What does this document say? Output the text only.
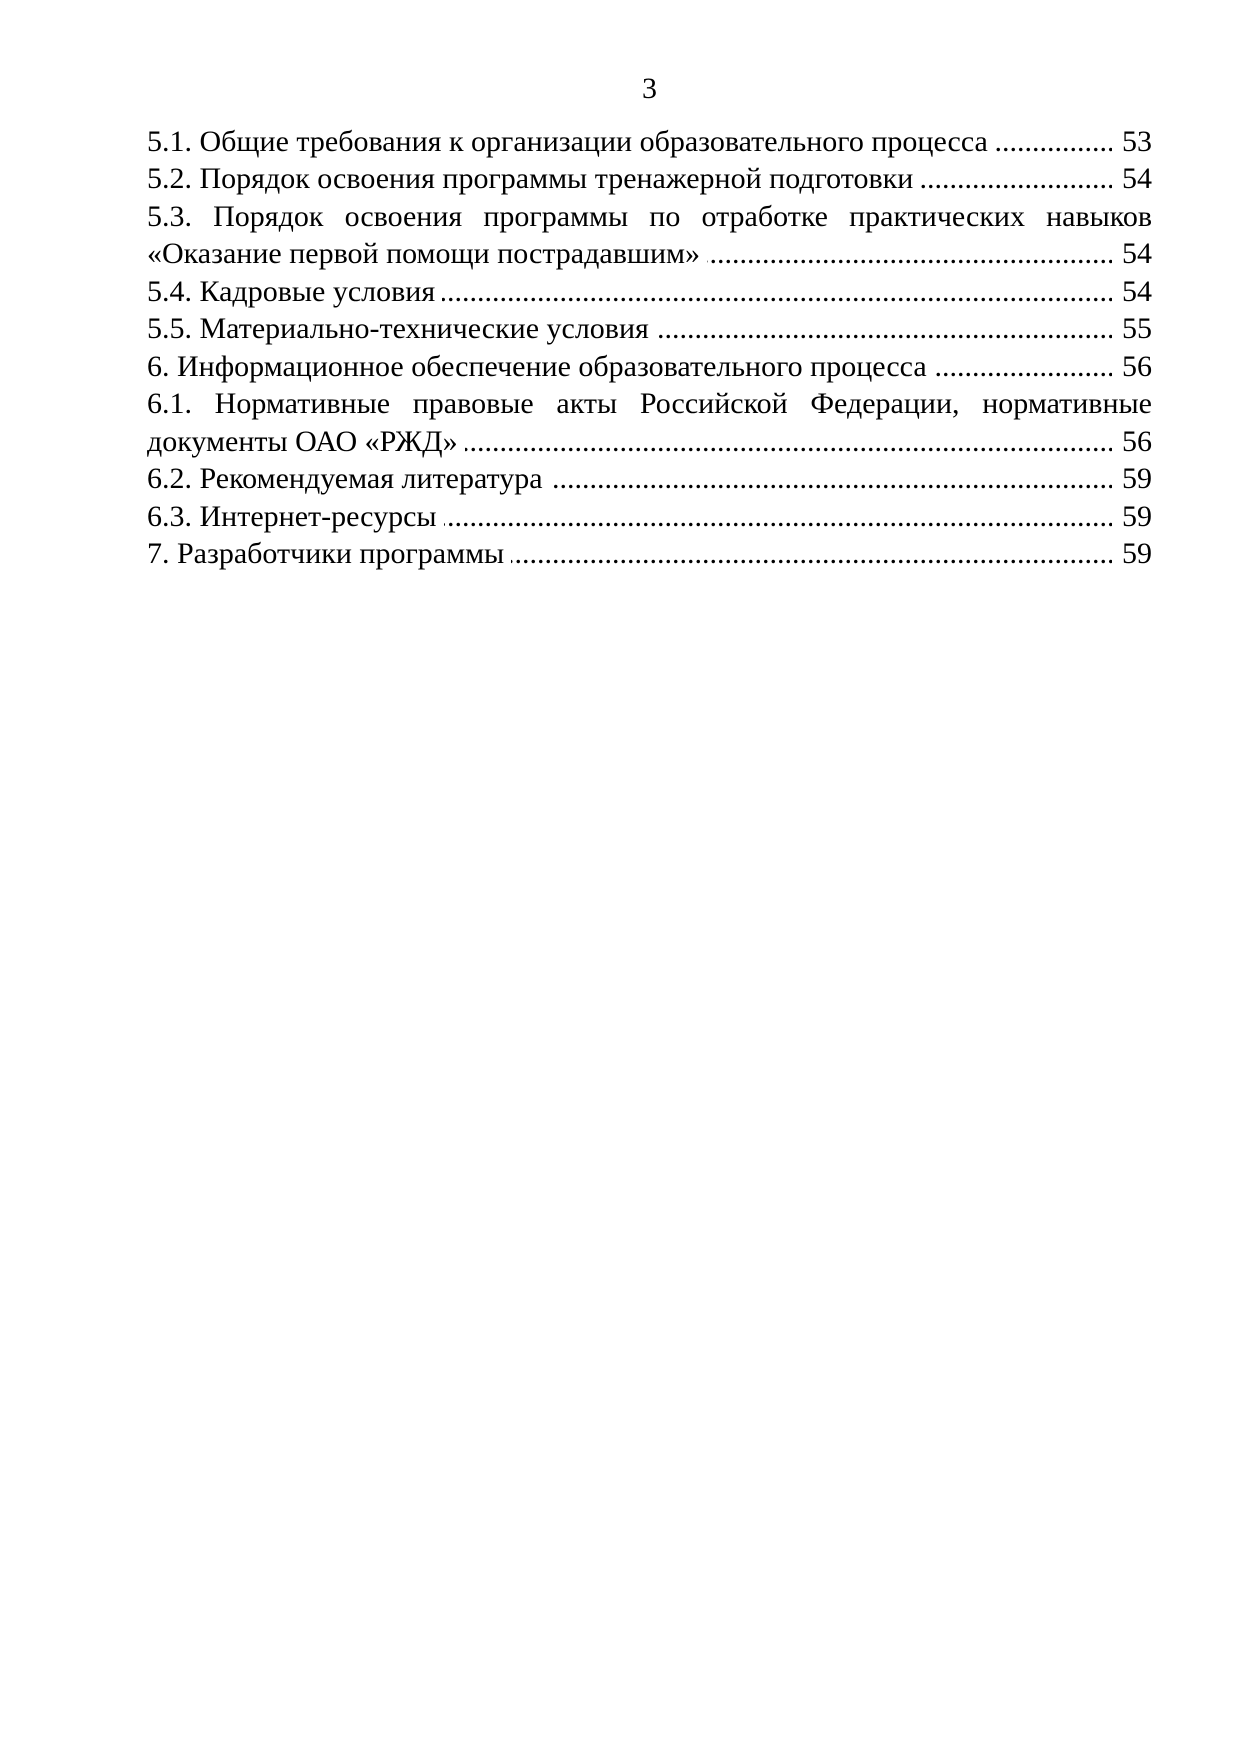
3
53
5.1. Общие требования к организации образовательного процесса
.....
54
5.2. Порядок освоения программы тренажерной подготовки
.....
5.3. Порядок освоения программы по отработке практических навыков
54
«Оказание первой помощи пострадавшим»
.....
54
5.4. Кадровые условия
.....
55
5.5. Материально-технические условия
.....
56
6. Информационное обеспечение образовательного процесса
.....
6.1. Нормативные правовые акты Российской Федерации, нормативные
56
документы ОАО «РЖД»
.....
59
6.2. Рекомендуемая литература
.....
59
6.3. Интернет-ресурсы
.....
59
7. Разработчики программы
.....
